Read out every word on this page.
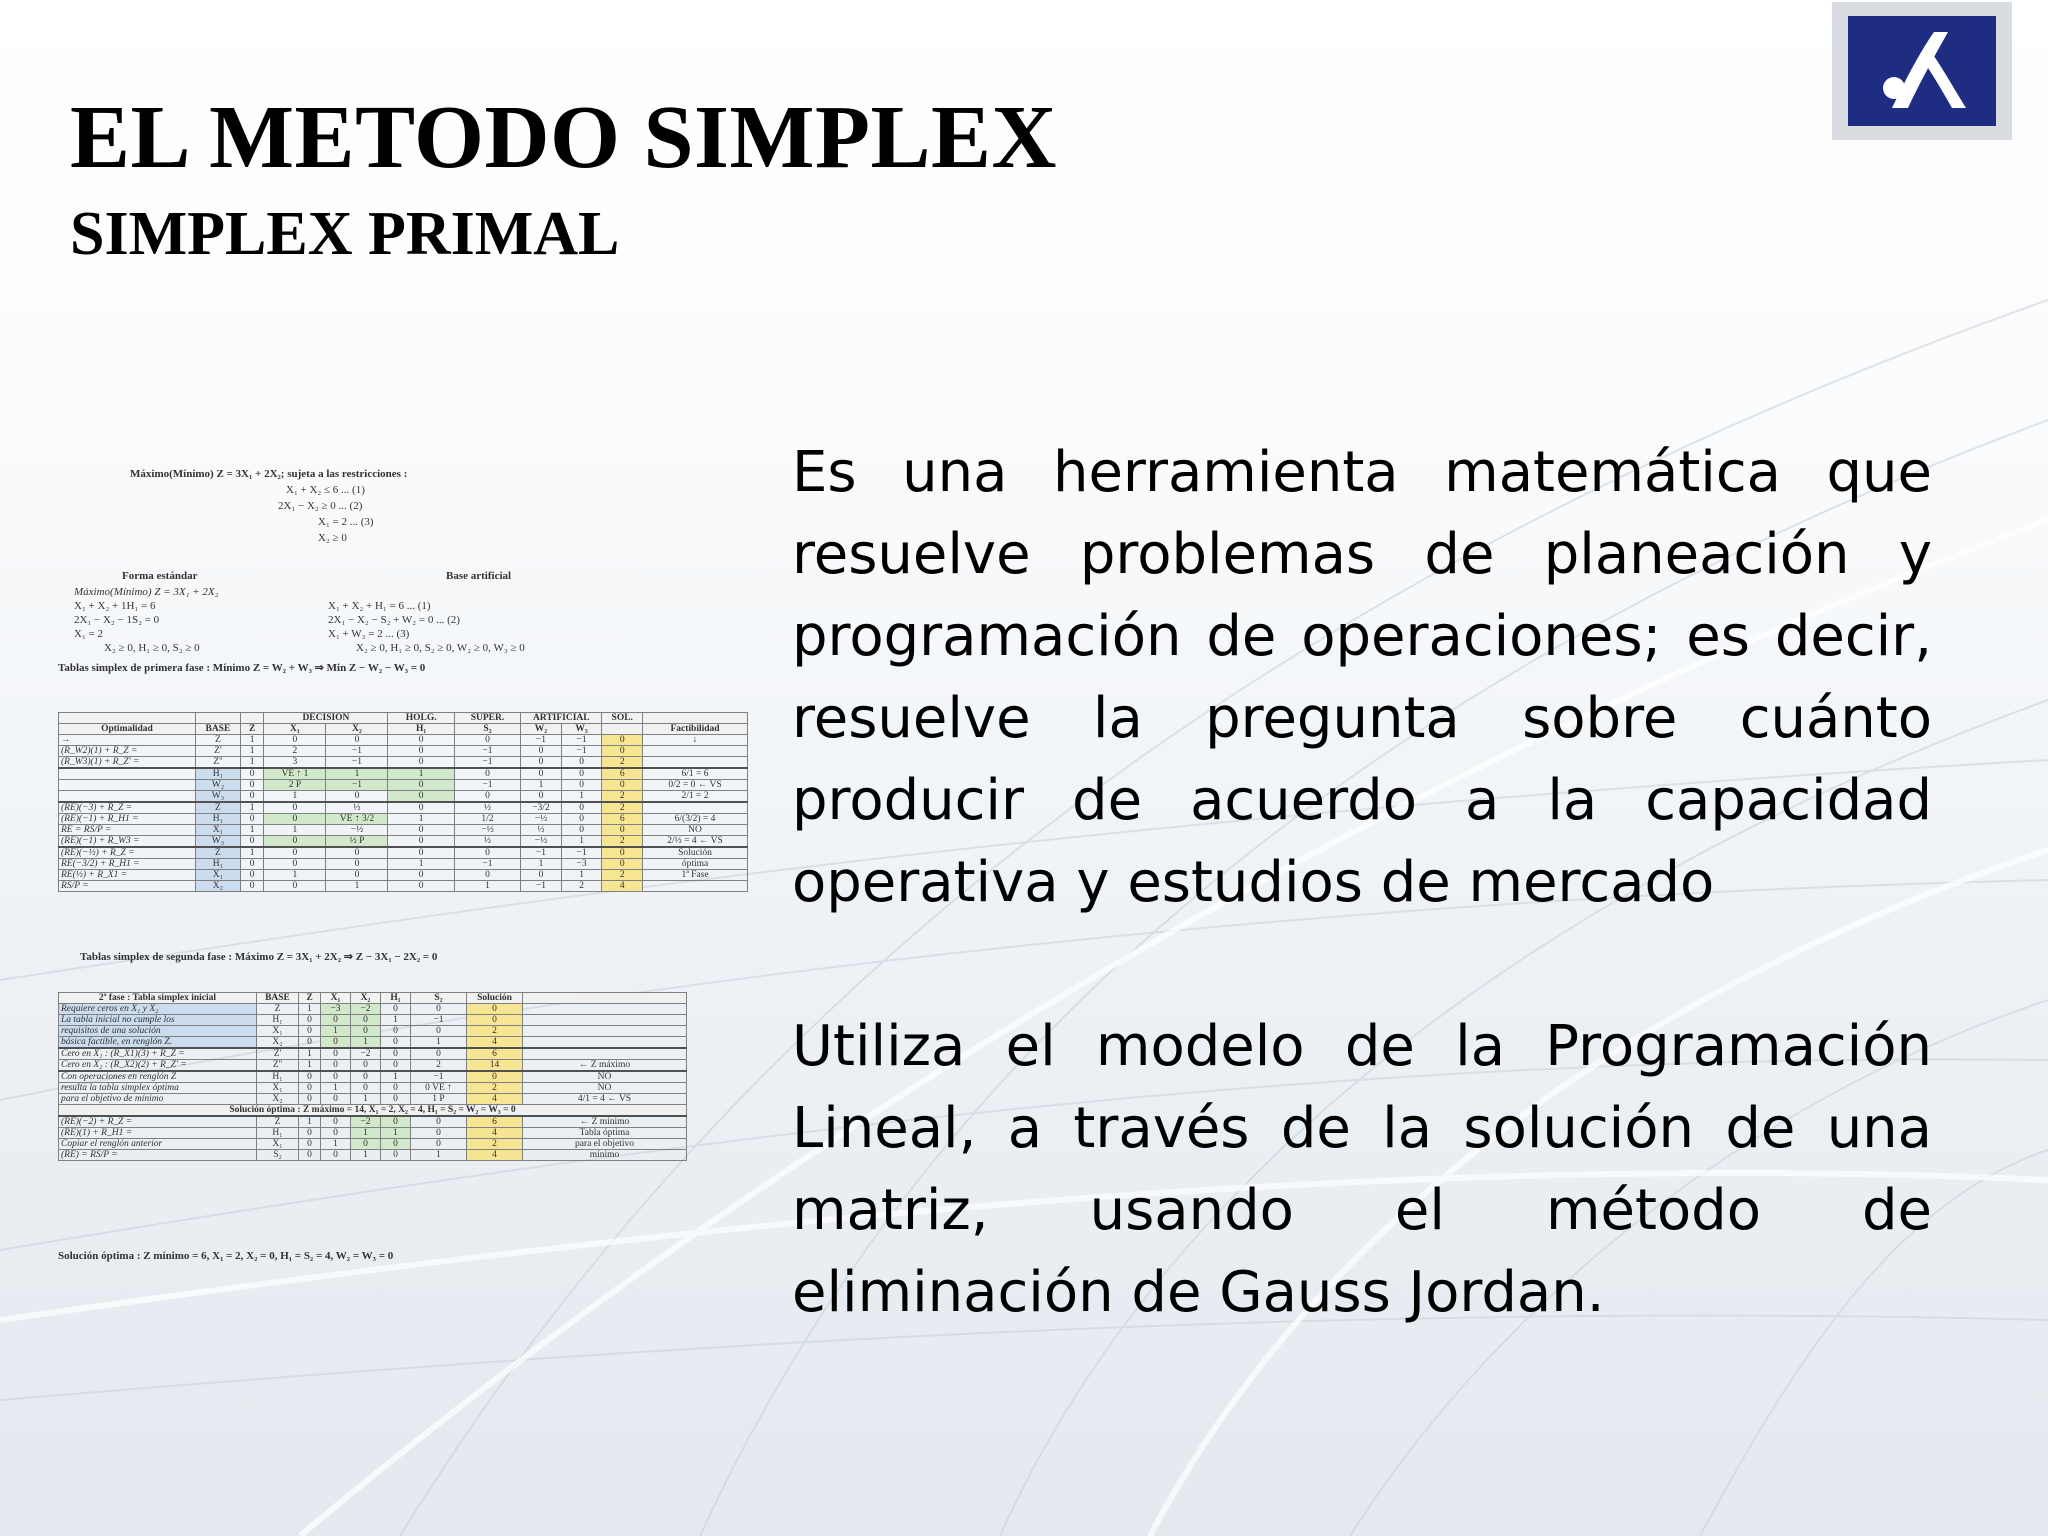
EL METODO SIMPLEX
SIMPLEX PRIMAL

Es una herramienta matemática que resuelve problemas de planeación y programación de operaciones; es decir, resuelve la pregunta sobre cuánto producir de acuerdo a la capacidad operativa y estudios de mercado

Utiliza el modelo de la Programación Lineal, a través de la solución de una matriz, usando el método de eliminación de Gauss Jordan.

Máximo(Mínimo) Z = 3X₁ + 2X₂; sujeta a las restricciones :
X₁ + X₂ ≤ 6 ... (1)
2X₁ − X₂ ≥ 0 ... (2)
X₁ = 2 ... (3)
X₂ ≥ 0
Forma estándar	Base artificial
Máximo(Mínimo) Z = 3X₁ + 2X₂
X₁ + X₂ + 1H₁ = 6
2X₁ − X₂ − 1S₂ = 0
X₁ = 2
X₂ ≥ 0, H₁ ≥ 0, S₂ ≥ 0
X₁ + X₂ + H₁ = 6 ... (1)
2X₁ − X₂ − S₂ + W₂ = 0 ... (2)
X₁ + W₃ = 2 ... (3)
X₂ ≥ 0, H₁ ≥ 0, S₂ ≥ 0, W₂ ≥ 0, W₃ ≥ 0
Tablas simplex de primera fase : Mínimo Z = W₂ + W₃ ⇒ Min Z − W₂ − W₃ = 0
			DECISIÓN		HOLG.	SUPER.	ARTIFICIAL		SOL.	
Optimalidad	BASE	Z	X₁	X₂	H₁	S₂	W₂	W₃		Factibilidad
→	Z	1	0	0	0	0	−1	−1	0	↓
(R_W2)(1) + R_Z =	Z'	1	2	−1	0	−1	0	−1	0	
(R_W3)(1) + R_Z' =	Z''	1	3	−1	0	−1	0	0	2	
	H₁	0	VE ↑ 1	1	1	0	0	0	6	6/1 = 6
	W₂	0	2 P	−1	0	−1	1	0	0	0/2 = 0 ← VS
	W₃	0	1	0	0	0	0	1	2	2/1 = 2
(RE)(−3) + R_Z =	Z	1	0	½	0	½	−3/2	0	2	
(RE)(−1) + R_H1 =	H₁	0	0	VE ↑ 3/2	1	1/2	−½	0	6	6/(3/2) = 4
RE = RS/P =	X₁	1	1	−½	0	−½	½	0	0	NO
(RE)(−1) + R_W3 =	W₃	0	0	½ P	0	½	−½	1	2	2/½ = 4 ← VS
(RE)(−½) + R_Z =	Z	1	0	0	0	0	−1	−1	0	Solución
RE(−3/2) + R_H1 =	H₁	0	0	0	1	−1	1	−3	0	óptima
RE(½) + R_X1 =	X₁	0	1	0	0	0	0	1	2	1ª Fase
RS/P =	X₂	0	0	1	0	1	−1	2	4	
Tablas simplex de segunda fase : Máximo Z = 3X₁ + 2X₂ ⇒ Z − 3X₁ − 2X₂ = 0
2ª fase : Tabla simplex inicial	BASE	Z	X₁	X₂	H₁	S₂	Solución	
Requiere ceros en X₁ y X₂	Z	1	−3	−2	0	0	0	
La tabla inicial no cumple los	H₁	0	0	0	1	−1	0	
requisitos de una solución	X₁	0	1	0	0	0	2	
básica factible, en renglón Z.	X₂	0	0	1	0	1	4	
Cero en X₁ : (R_X1)(3) + R_Z =	Z'	1	0	−2	0	0	6	
Cero en X₂ : (R_X2)(2) + R_Z' =	Z''	1	0	0	0	2	14	← Z máximo
Con operaciones en renglón Z	H₁	0	0	0	1	−1	0	NO
resulta la tabla simplex óptima	X₁	0	1	0	0	0 VE ↑	2	NO
para el objetivo de mínimo	X₂	0	0	1	0	1 P	4	4/1 = 4 ← VS
Solución óptima : Z máximo = 14, X₁ = 2, X₂ = 4, H₁ = S₂ = W₂ = W₃ = 0								
(RE)(−2) + R_Z =	Z	1	0	−2	0	0	6	← Z mínimo
(RE)(1) + R_H1 =	H₁	0	0	1	1	0	4	Tabla óptima
Copiar el renglón anterior	X₁	0	1	0	0	0	2	para el objetivo
(RE) = RS/P =	S₂	0	0	1	0	1	4	mínimo
Solución óptima : Z mínimo = 6, X₁ = 2, X₂ = 0, H₁ = S₂ = 4, W₂ = W₃ = 0
